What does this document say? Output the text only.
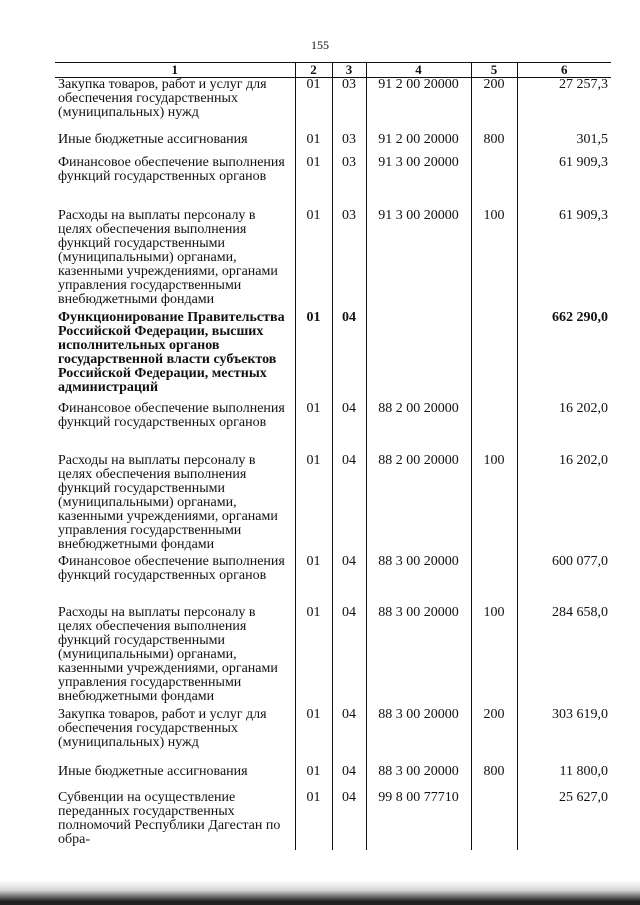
155
1	2	3	4	5	6
Закупка товаров, работ и услуг для обеспечения государственных (муниципальных) нужд	01	03	91 2 00 20000	200	27 257,3
Иные бюджетные ассигнования	01	03	91 2 00 20000	800	301,5
Финансовое обеспечение выполнения функций государственных органов	01	03	91 3 00 20000		61 909,3
Расходы на выплаты персоналу в целях обеспечения выполнения функций государственными (муниципальными) органами, казенными учреждениями, органами управления государственными внебюджетными фондами	01	03	91 3 00 20000	100	61 909,3
Функционирование Правительства Российской Федерации, высших исполнительных органов государственной власти субъектов Российской Федерации, местных администраций	01	04			662 290,0
Финансовое обеспечение выполнения функций государственных органов	01	04	88 2 00 20000		16 202,0
Расходы на выплаты персоналу в целях обеспечения выполнения функций государственными (муниципальными) органами, казенными учреждениями, органами управления государственными внебюджетными фондами	01	04	88 2 00 20000	100	16 202,0
Финансовое обеспечение выполнения функций государственных органов	01	04	88 3 00 20000		600 077,0
Расходы на выплаты персоналу в целях обеспечения выполнения функций государственными (муниципальными) органами, казенными учреждениями, органами управления государственными внебюджетными фондами	01	04	88 3 00 20000	100	284 658,0
Закупка товаров, работ и услуг для обеспечения государственных (муниципальных) нужд	01	04	88 3 00 20000	200	303 619,0
Иные бюджетные ассигнования	01	04	88 3 00 20000	800	11 800,0
Субвенции на осуществление переданных государственных полномочий Республики Дагестан по обра-	01	04	99 8 00 77710		25 627,0
